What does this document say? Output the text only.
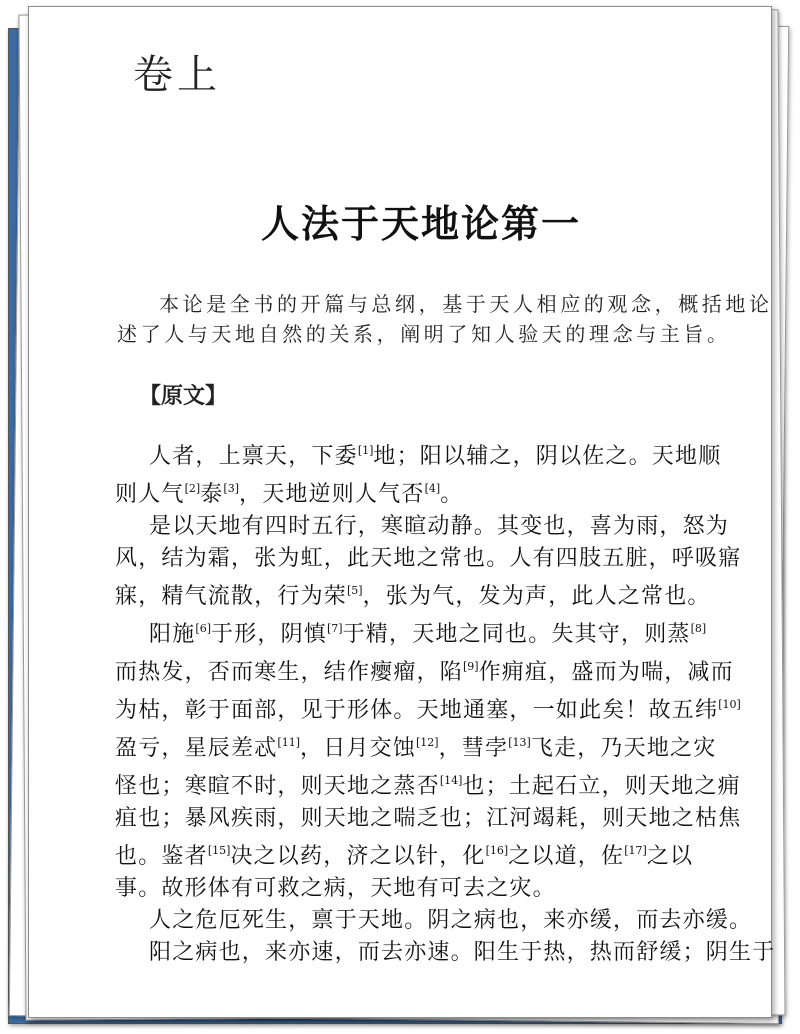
卷上
人法于天地论第一
本论是全书的开篇与总纲，基于天人相应的观念，概括地论
述了人与天地自然的关系，阐明了知人验天的理念与主旨。
【原文】
人者，上禀天，下委[1]地；阳以辅之，阴以佐之。天地顺
则人气[2]泰[3]，天地逆则人气否[4]。
是以天地有四时五行，寒暄动静。其变也，喜为雨，怒为
风，结为霜，张为虹，此天地之常也。人有四肢五脏，呼吸寤
寐，精气流散，行为荣[5]，张为气，发为声，此人之常也。
阳施[6]于形，阴慎[7]于精，天地之同也。失其守，则蒸[8]
而热发，否而寒生，结作瘿瘤，陷[9]作痈疽，盛而为喘，减而
为枯，彰于面部，见于形体。天地通塞，一如此矣！故五纬[10]
盈亏，星辰差忒[11]，日月交蚀[12]，彗孛[13]飞走，乃天地之灾
怪也；寒暄不时，则天地之蒸否[14]也；土起石立，则天地之痈
疽也；暴风疾雨，则天地之喘乏也；江河竭耗，则天地之枯焦
也。鉴者[15]决之以药，济之以针，化[16]之以道，佐[17]之以
事。故形体有可救之病，天地有可去之灾。
人之危厄死生，禀于天地。阴之病也，来亦缓，而去亦缓。
阳之病也，来亦速，而去亦速。阳生于热，热而舒缓；阴生于
